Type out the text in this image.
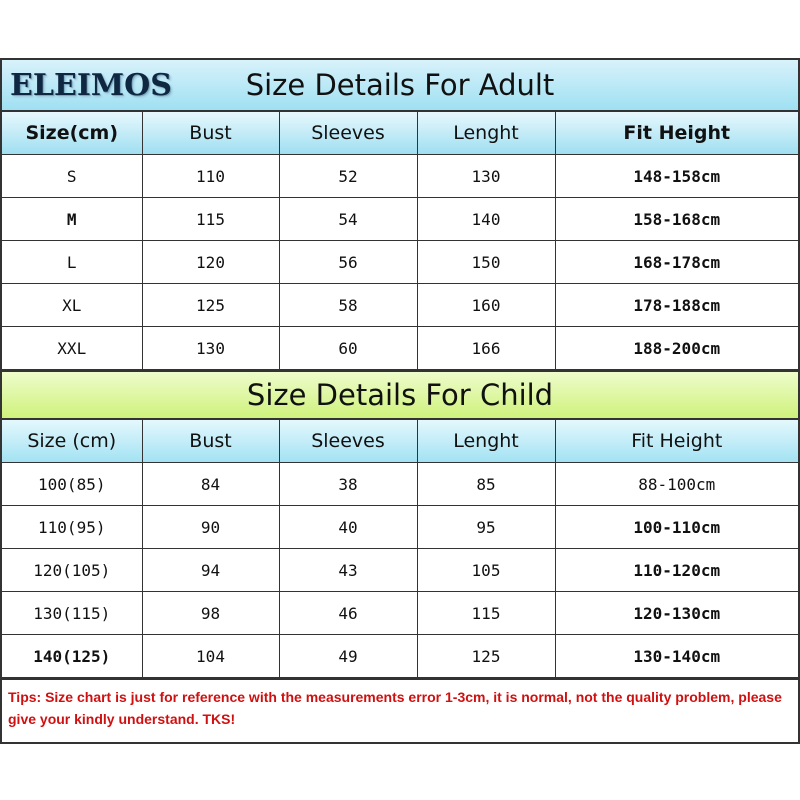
ELEIMOS	Size Details For Adult
Size(cm)	Bust	Sleeves	Lenght	Fit Height
S	110	52	130	148-158cm
M	115	54	140	158-168cm
L	120	56	150	168-178cm
XL	125	58	160	178-188cm
XXL	130	60	166	188-200cm
Size Details For Child
Size (cm)	Bust	Sleeves	Lenght	Fit Height
100(85)	84	38	85	88-100cm
110(95)	90	40	95	100-110cm
120(105)	94	43	105	110-120cm
130(115)	98	46	115	120-130cm
140(125)	104	49	125	130-140cm
Tips: Size chart is just for reference with the measurements error 1-3cm, it is normal, not the quality problem, please give your kindly understand. TKS!
